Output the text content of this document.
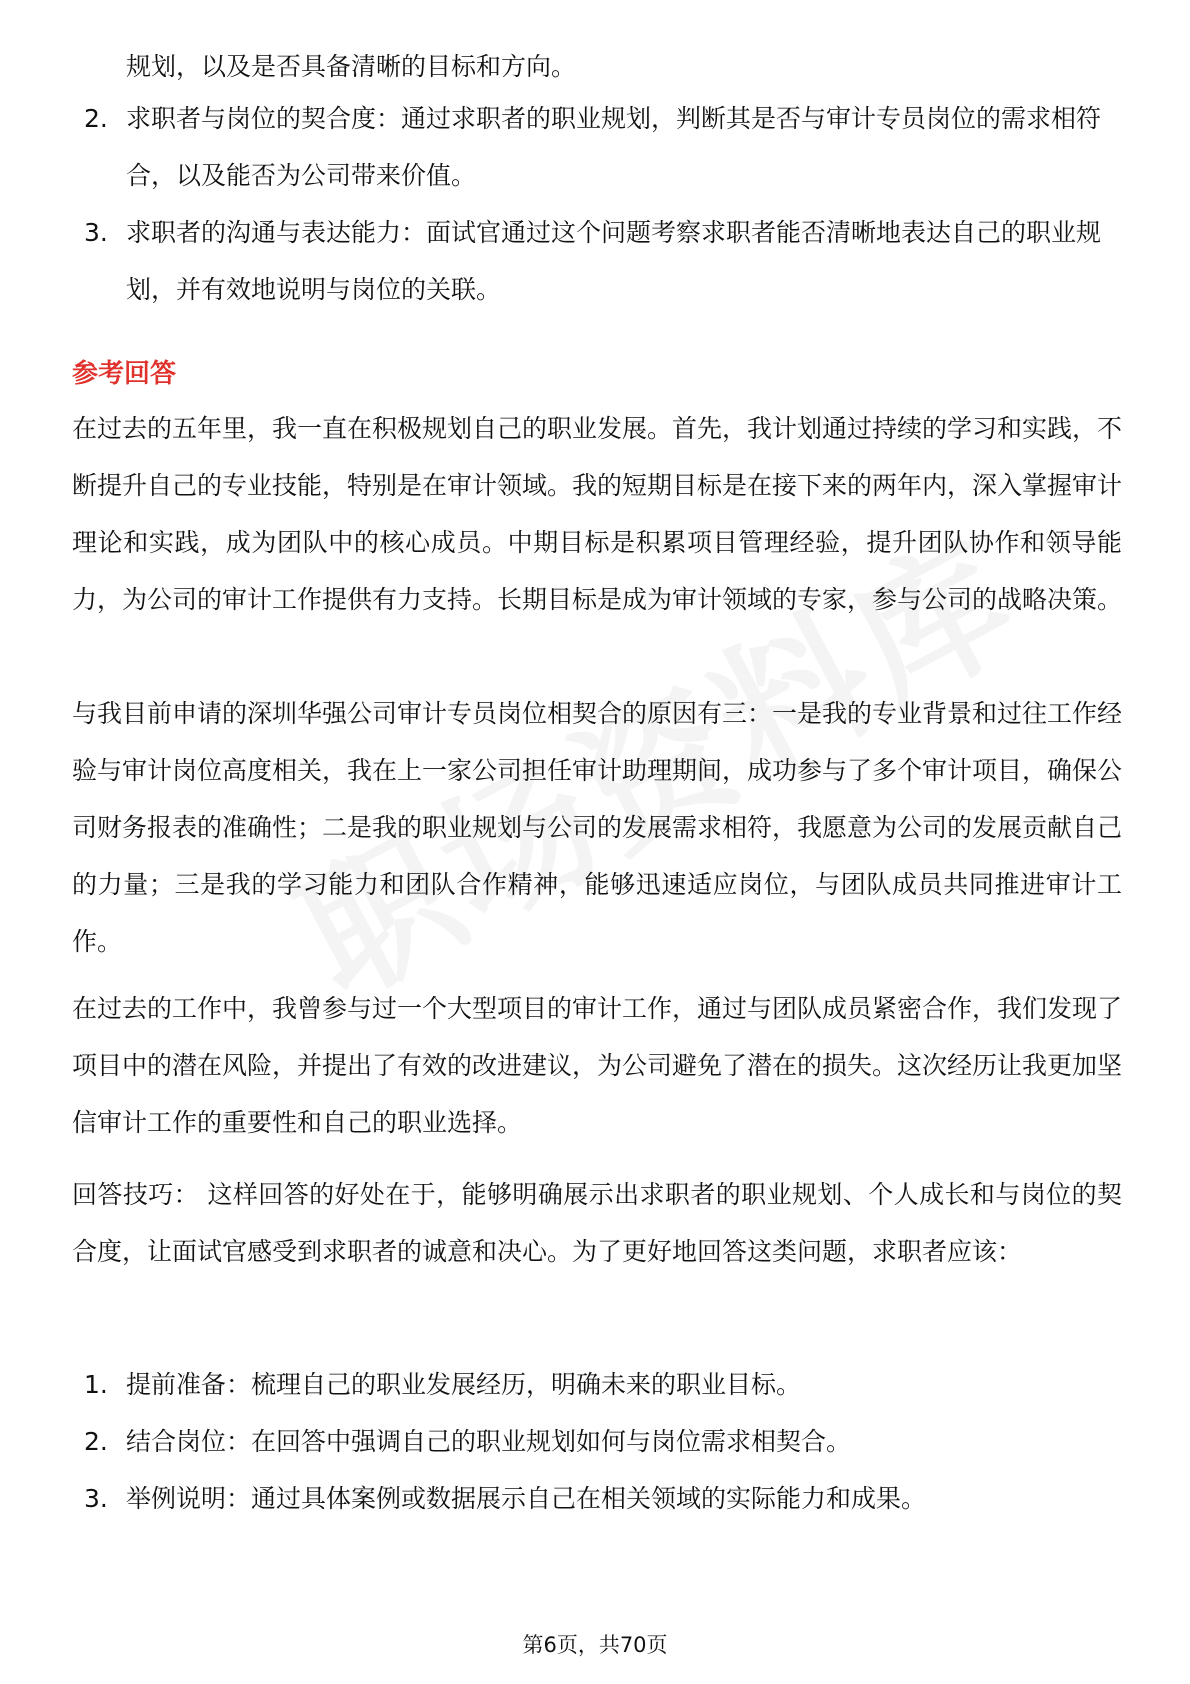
规划，以及是否具备清晰的目标和方向。
2. 求职者与岗位的契合度：通过求职者的职业规划，判断其是否与审计专员岗位的需求相符合，以及能否为公司带来价值。
3. 求职者的沟通与表达能力：面试官通过这个问题考察求职者能否清晰地表达自己的职业规划，并有效地说明与岗位的关联。
参考回答

在过去的五年里，我一直在积极规划自己的职业发展。首先，我计划通过持续的学习和实践，不断提升自己的专业技能，特别是在审计领域。我的短期目标是在接下来的两年内，深入掌握审计理论和实践，成为团队中的核心成员。中期目标是积累项目管理经验，提升团队协作和领导能力，为公司的审计工作提供有力支持。长期目标是成为审计领域的专家，参与公司的战略决策。

与我目前申请的深圳华强公司审计专员岗位相契合的原因有三：一是我的专业背景和过往工作经验与审计岗位高度相关，我在上一家公司担任审计助理期间，成功参与了多个审计项目，确保公司财务报表的准确性；二是我的职业规划与公司的发展需求相符，我愿意为公司的发展贡献自己的力量；三是我的学习能力和团队合作精神，能够迅速适应岗位，与团队成员共同推进审计工作。

在过去的工作中，我曾参与过一个大型项目的审计工作，通过与团队成员紧密合作，我们发现了项目中的潜在风险，并提出了有效的改进建议，为公司避免了潜在的损失。这次经历让我更加坚信审计工作的重要性和自己的职业选择。

回答技巧： 这样回答的好处在于，能够明确展示出求职者的职业规划、个人成长和与岗位的契合度，让面试官感受到求职者的诚意和决心。为了更好地回答这类问题，求职者应该：

1. 提前准备：梳理自己的职业发展经历，明确未来的职业目标。
2. 结合岗位：在回答中强调自己的职业规划如何与岗位需求相契合。
3. 举例说明：通过具体案例或数据展示自己在相关领域的实际能力和成果。
第6页，共70页
